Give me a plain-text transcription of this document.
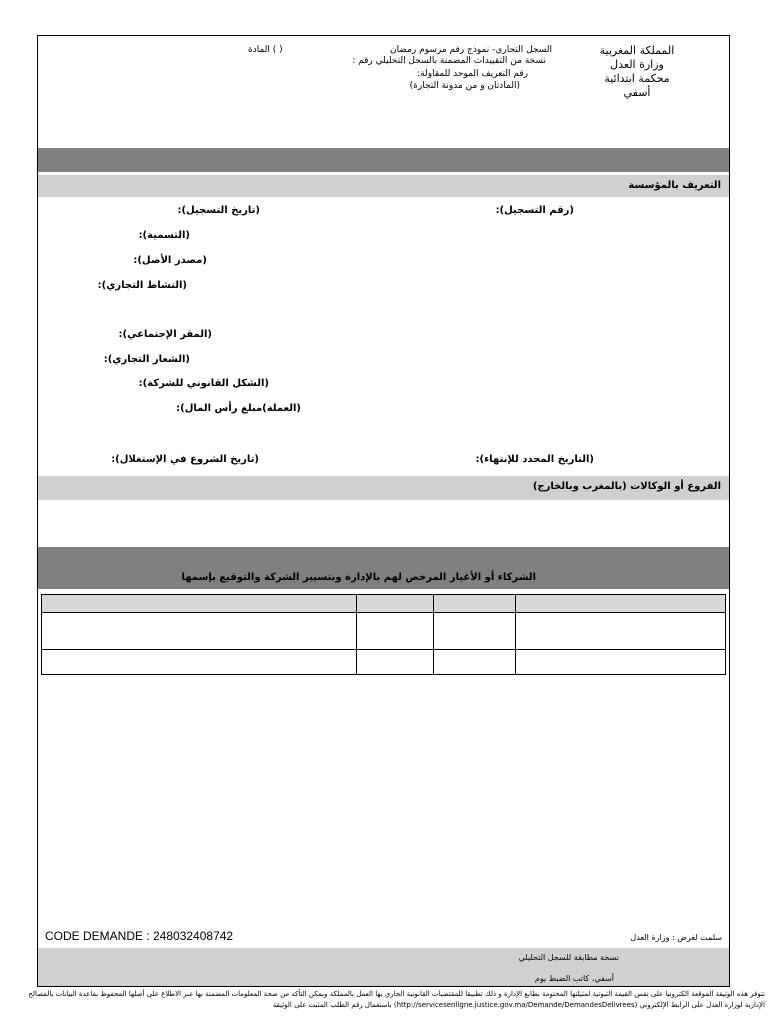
المملكة المغربية
وزارة العدل
محكمة ابتدائية
أسفي
السجل التجاري- نموذج رقم مرسوم رمضان
( ) المادة
نسخة من التقييدات المضمنة بالسجل التحليلي رقم :
رقم التعريف الموحد للمقاولة:
(المادتان و من مدونة التجارة)
التعريف بالمؤسسة
(رقم التسجيل):
(تاريخ التسجيل):
(التسمية):
(مصدر الأصل):
(النشاط التجاري):
(المقر الإجتماعي):
(الشعار التجاري):
(الشكل القانوني للشركة):
(العملة)مبلغ رأس المال):
(التاريخ المحدد للإنتهاء):
(تاريخ الشروع في الإستغلال):
الفروع أو الوكالات (بالمغرب وبالخارج)
الشركاء أو الأغيار المرخص لهم بالإدارة وبتسيير الشركة والتوقيع بإسمها

CODE DEMANDE : 248032408742	سلمت لغرض : وزارة العدل
نسخة مطابقة للسجل التحليلي
أسفي، كاتب الضبط يوم
تتوفر هذه الوثيقة الموقعة الكترونيا على نفس القيمة الثبوتية لمثيلتها المختومة بطابع الإدارة و ذلك تطبيقا للمقتضيات القانونية الجاري بها العمل بالمملكة ويمكن التأكد من صحة المعلومات المضمنة بها عبر الاطلاع على أصلها المحفوظ بقاعدة البيانات بالمصالح
الإدارية لوزارة العدل على الرابط الإلكتروني (http://servicesenligne.justice.gov.ma/Demande/DemandesDelivrees) باستعمال رقم الطلب المثبت على الوثيقة
